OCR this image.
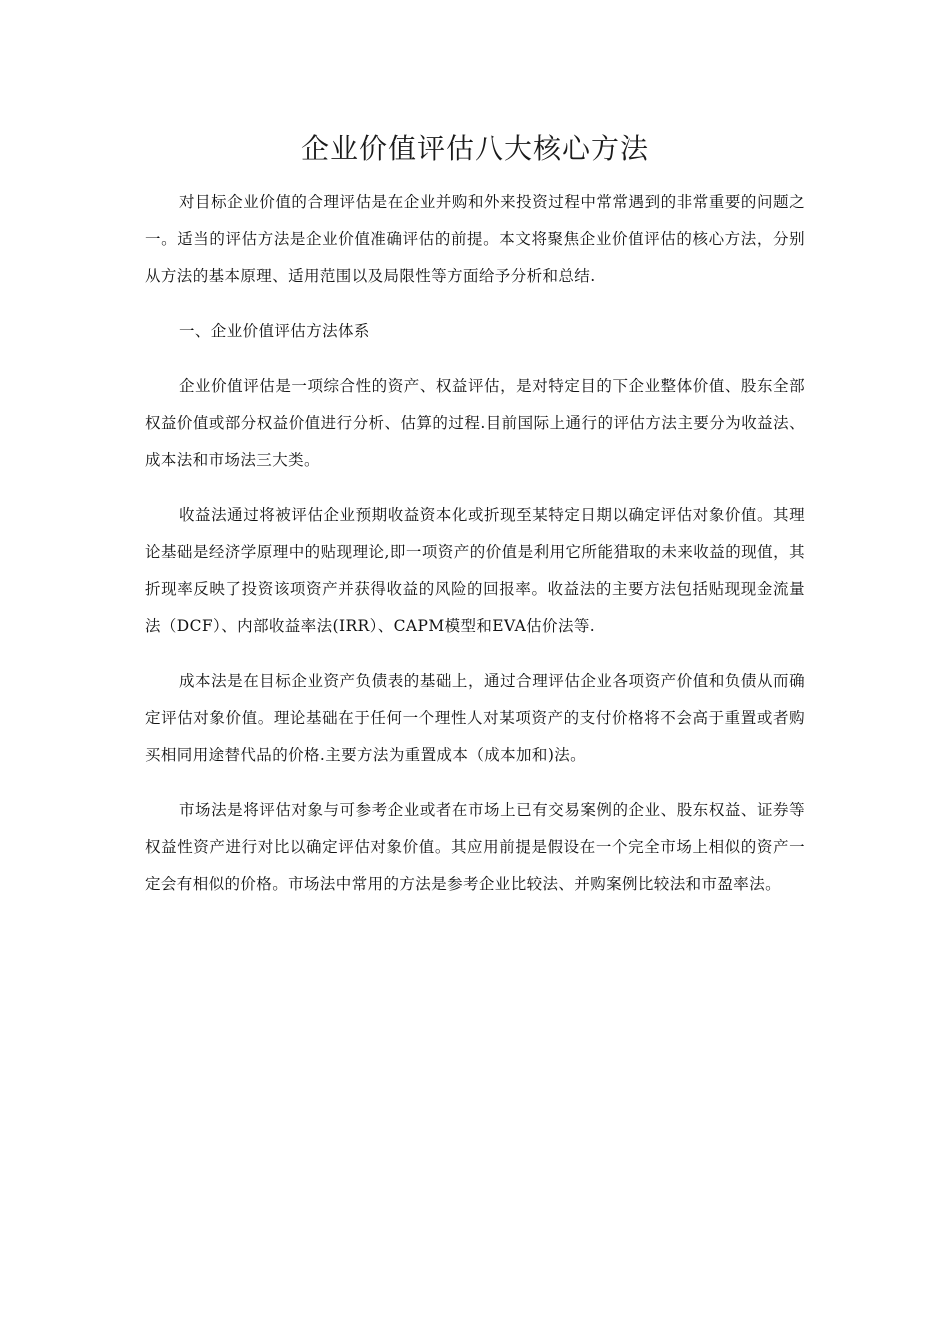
企业价值评估八大核心方法

对目标企业价值的合理评估是在企业并购和外来投资过程中常常遇到的非常重要的问题之一。适当的评估方法是企业价值准确评估的前提。本文将聚焦企业价值评估的核心方法，分别从方法的基本原理、适用范围以及局限性等方面给予分析和总结.

一、企业价值评估方法体系

企业价值评估是一项综合性的资产、权益评估，是对特定目的下企业整体价值、股东全部权益价值或部分权益价值进行分析、估算的过程.目前国际上通行的评估方法主要分为收益法、成本法和市场法三大类。

收益法通过将被评估企业预期收益资本化或折现至某特定日期以确定评估对象价值。其理论基础是经济学原理中的贴现理论,即一项资产的价值是利用它所能猎取的未来收益的现值，其折现率反映了投资该项资产并获得收益的风险的回报率。收益法的主要方法包括贴现现金流量法（DCF）、内部收益率法(IRR）、CAPM模型和EVA估价法等.

成本法是在目标企业资产负债表的基础上，通过合理评估企业各项资产价值和负债从而确定评估对象价值。理论基础在于任何一个理性人对某项资产的支付价格将不会高于重置或者购买相同用途替代品的价格.主要方法为重置成本（成本加和)法。

市场法是将评估对象与可参考企业或者在市场上已有交易案例的企业、股东权益、证券等权益性资产进行对比以确定评估对象价值。其应用前提是假设在一个完全市场上相似的资产一定会有相似的价格。市场法中常用的方法是参考企业比较法、并购案例比较法和市盈率法。
